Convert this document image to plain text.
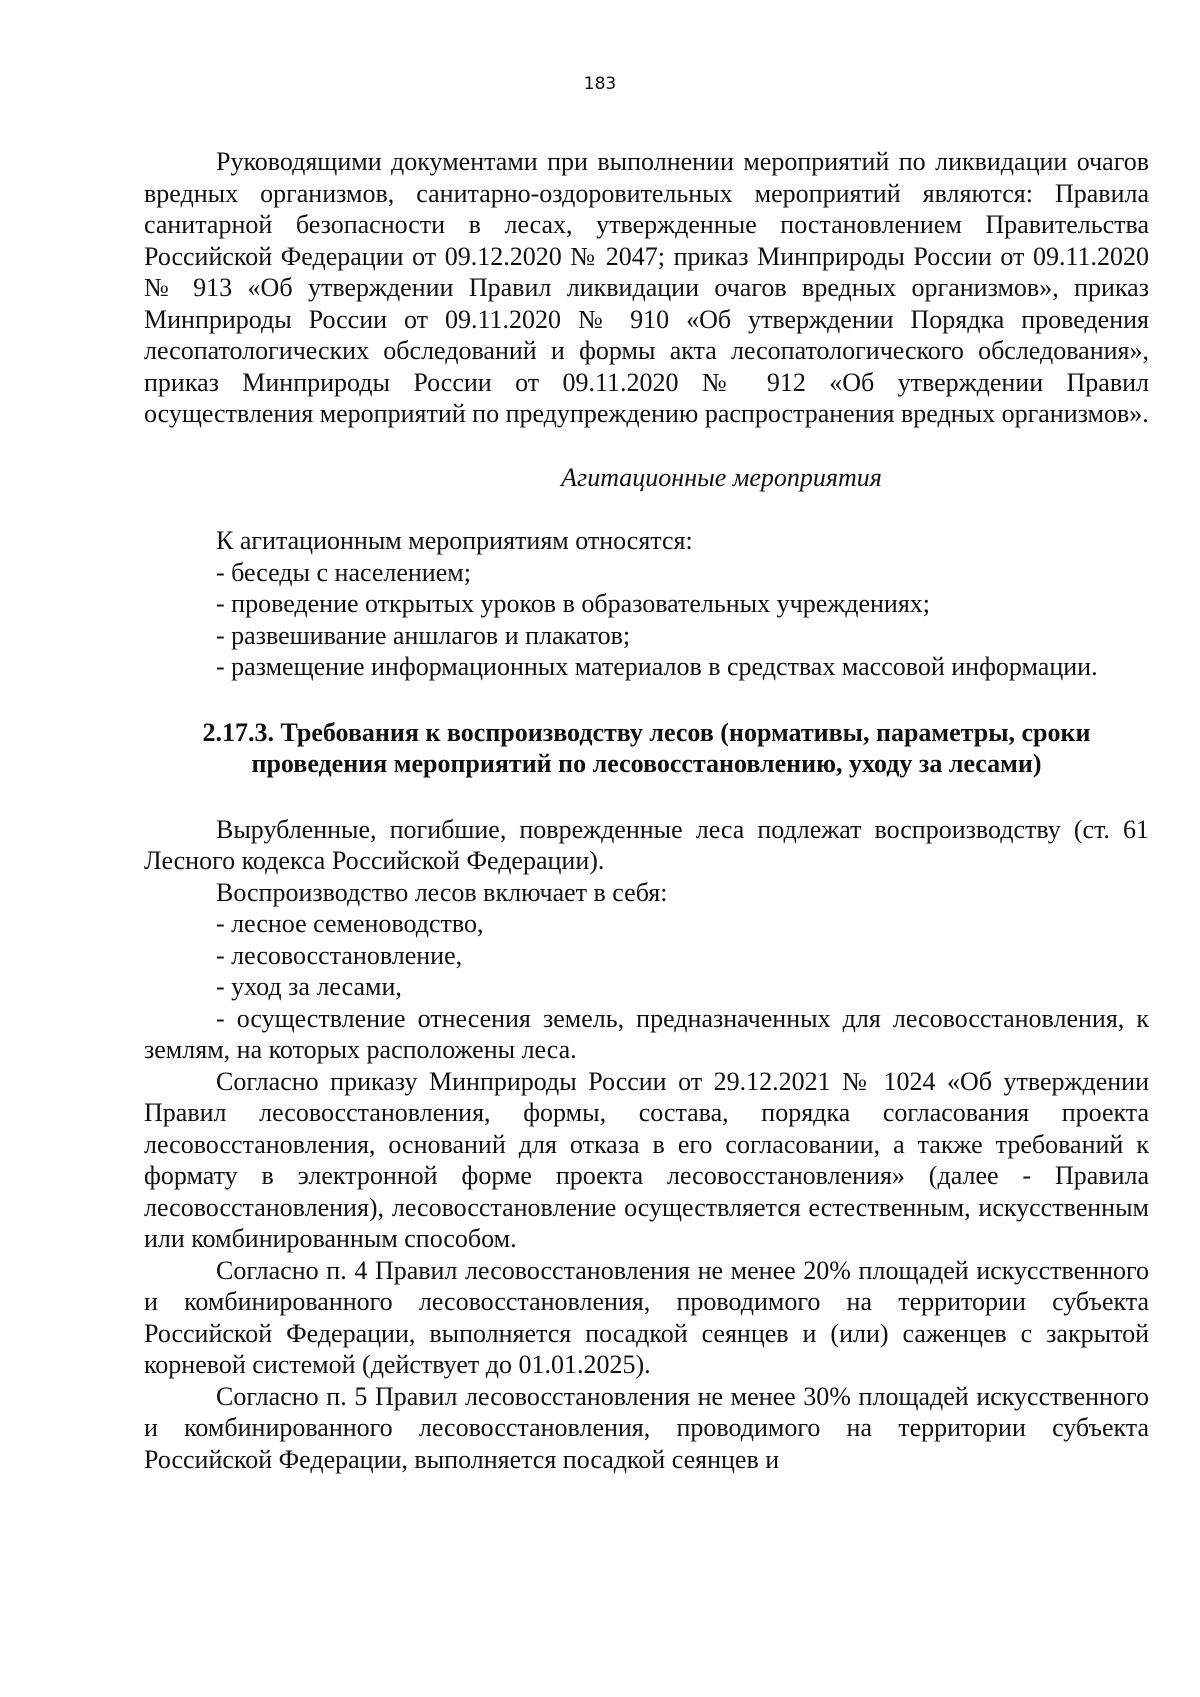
183

Руководящими документами при выполнении мероприятий по ликвидации очагов вредных организмов, санитарно-оздоровительных мероприятий являются: Правила санитарной безопасности в лесах, утвержденные постановлением Правительства Российской Федерации от 09.12.2020 № 2047; приказ Минприроды России от 09.11.2020 № 913 «Об утверждении Правил ликвидации очагов вредных организмов», приказ Минприроды России от 09.11.2020 № 910 «Об утверждении Порядка проведения лесопатологических обследований и формы акта лесопатологического обследования», приказ Минприроды России от 09.11.2020 № 912 «Об утверждении Правил осуществления мероприятий по предупреждению распространения вредных организмов».

Агитационные мероприятия

К агитационным мероприятиям относятся:

- беседы с населением;

- проведение открытых уроков в образовательных учреждениях;

- развешивание аншлагов и плакатов;

- размещение информационных материалов в средствах массовой информации.

2.17.3. Требования к воспроизводству лесов (нормативы, параметры, сроки
проведения мероприятий по лесовосстановлению, уходу за лесами)

Вырубленные, погибшие, поврежденные леса подлежат воспроизводству (ст. 61 Лесного кодекса Российской Федерации).

Воспроизводство лесов включает в себя:

- лесное семеноводство,

- лесовосстановление,

- уход за лесами,

- осуществление отнесения земель, предназначенных для лесовосстановления, к землям, на которых расположены леса.

Согласно приказу Минприроды России от 29.12.2021 № 1024 «Об утверждении Правил лесовосстановления, формы, состава, порядка согласования проекта лесовосстановления, оснований для отказа в его согласовании, а также требований к формату в электронной форме проекта лесовосстановления» (далее - Правила лесовосстановления), лесовосстановление осуществляется естественным, искусственным или комбинированным способом.

Согласно п. 4 Правил лесовосстановления не менее 20% площадей искусственного и комбинированного лесовосстановления, проводимого на территории субъекта Российской Федерации, выполняется посадкой сеянцев и (или) саженцев с закрытой корневой системой (действует до 01.01.2025).

Согласно п. 5 Правил лесовосстановления не менее 30% площадей искусственного и комбинированного лесовосстановления, проводимого на территории субъекта Российской Федерации, выполняется посадкой сеянцев и
